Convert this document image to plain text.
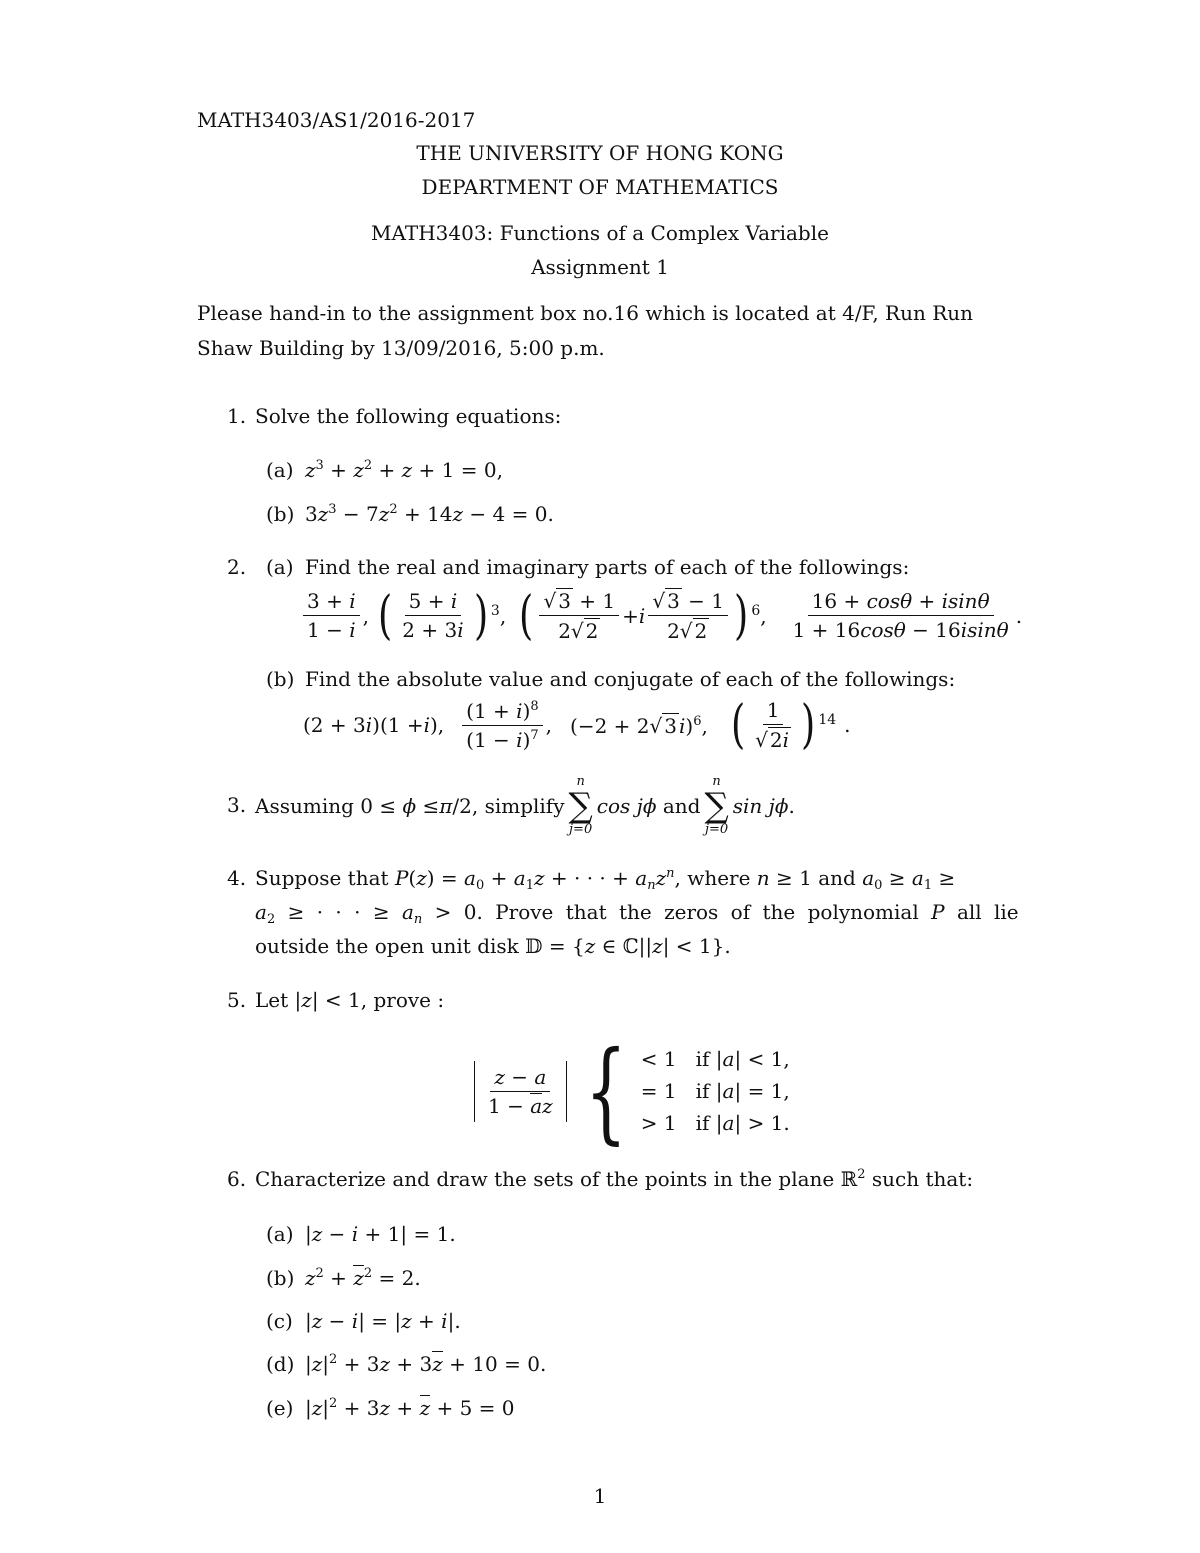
MATH3403/AS1/2016-2017
THE UNIVERSITY OF HONG KONG
DEPARTMENT OF MATHEMATICS
MATH3403: Functions of a Complex Variable
Assignment 1
Please hand-in to the assignment box no.16 which is located at 4/F, Run Run
Shaw Building by 13/09/2016, 5:00 p.m.
1. Solve the following equations:
(a) $z^3 + z^2 + z + 1 = 0$,
(b) $3z^3 - 7z^2 + 14z - 4 = 0$.
2. (a) Find the real and imaginary parts of each of the followings:
$\frac{3 + i}{1 - i}$ , ( $\frac{5 + i}{2 + 3i}$ ) 3 , ( $\frac{√ 3 + 1}{2√ 2} + i \frac{√ 3 - 1}{2√ 2}$ ) 6 , $\frac{16 + \cos\theta + isin\theta}{1 + 16\cos\theta - 16isin\theta}$ .
(b) Find the absolute value and conjugate of each of the followings:
(2 + 3 i )(1 + i ), $\frac{(1 + i)^8}{(1 - i)^7}$ , (−2 + 2√ 3 i)$^6$, ( $\frac{1}{√ 2i}$ ) 14 .
3. Assuming 0 ≤ ϕ ≤ π /2 , simplify
n
∑
j=0
cos jϕ
and
n
∑
j=0
sin jϕ .
4. Suppose that $P(z) = a_0 + a_1z$ + · · · + $a_nz^n$, where n ≥ 1 and $a_0 \ge a_1$ ≥
$a_2$ ≥ · · · ≥ $a_n > 0$. Prove that the zeros of the polynomial P all lie
outside the open unit disk 𝔻 = {z ∈ ℂ||z| < 1}.
5. Let |z| < 1, prove :
$\frac{z - a}{1 - az}$ { < 1   if |a| < 1,
= 1   if |a| = 1,
> 1   if |a| > 1.
6. Characterize and draw the sets of the points in the plane ℝ$^2$ such that:
(a) |z − i + 1| = 1.
(b) $z^2 + z^2 = 2$.
(c) |z − i| = |z + i|.
(d) $|z|^2 + 3z + 3z + 10 = 0$.
(e) $|z|^2 + 3z + z + 5 = 0$
1
